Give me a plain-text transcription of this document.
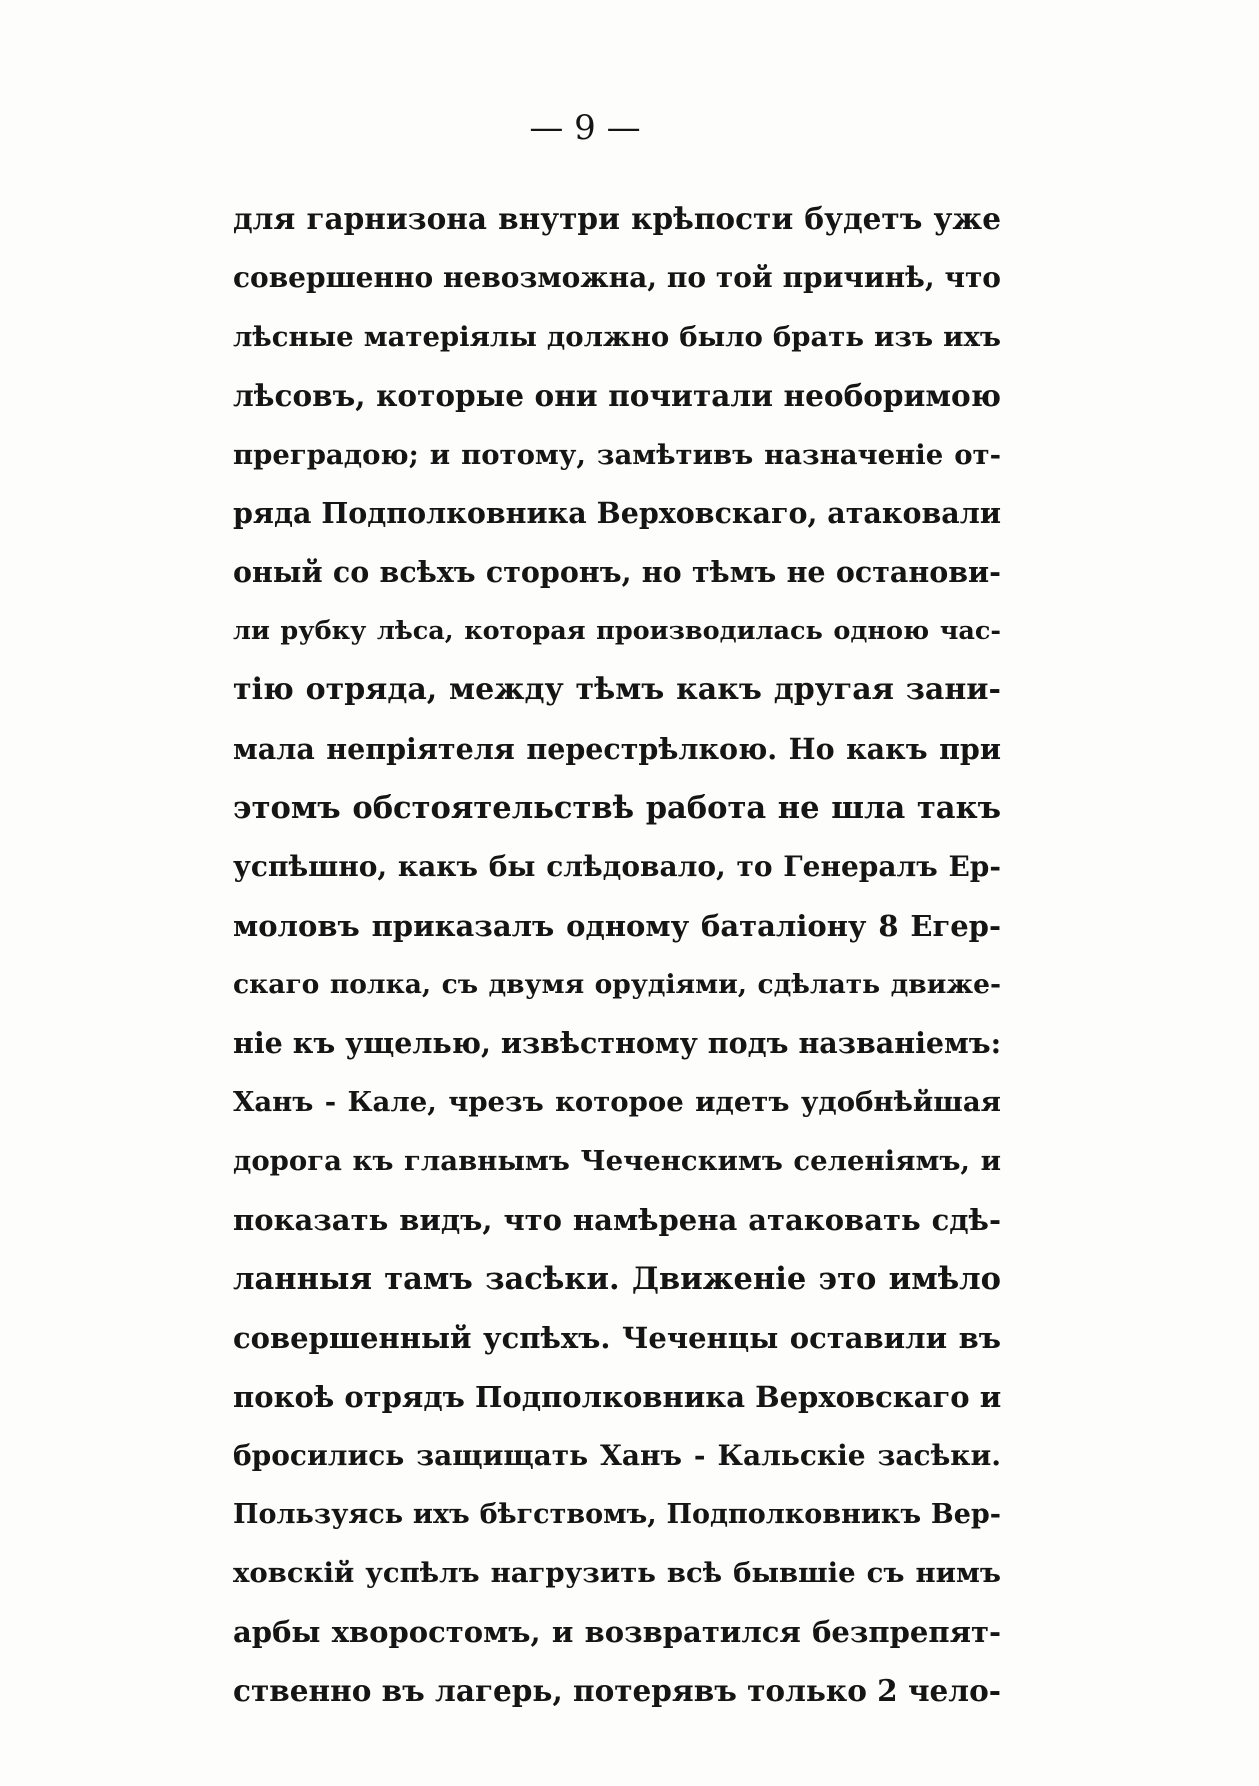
— 9 —
для гарнизона внутри крѣпости будетъ уже
совершенно невозможна, по той причинѣ, что
лѣсные матеріялы должно было брать изъ ихъ
лѣсовъ, которые они почитали необоримою
преградою; и потому, замѣтивъ назначеніе от-
ряда Подполковника Верховскаго, атаковали
оный со всѣхъ сторонъ, но тѣмъ не останови-
ли рубку лѣса, которая производилась одною час-
тію отряда, между тѣмъ какъ другая зани-
мала непріятеля перестрѣлкою. Но какъ при
этомъ обстоятельствѣ работа не шла такъ
успѣшно, какъ бы слѣдовало, то Генералъ Ер-
моловъ приказалъ одному баталіону 8 Егер-
скаго полка, съ двумя орудіями, сдѣлать движе-
ніе къ ущелью, извѣстному подъ названіемъ:
Ханъ - Кале, чрезъ которое идетъ удобнѣйшая
дорога къ главнымъ Чеченскимъ селеніямъ, и
показать видъ, что намѣрена атаковать сдѣ-
ланныя тамъ засѣки. Движеніе это имѣло
совершенный успѣхъ. Чеченцы оставили въ
покоѣ отрядъ Подполковника Верховскаго и
бросились защищать Ханъ - Кальскіе засѣки.
Пользуясь ихъ бѣгствомъ, Подполковникъ Вер-
ховскій успѣлъ нагрузить всѣ бывшіе съ нимъ
арбы хворостомъ, и возвратился безпрепят-
ственно въ лагерь, потерявъ только 2 чело-
